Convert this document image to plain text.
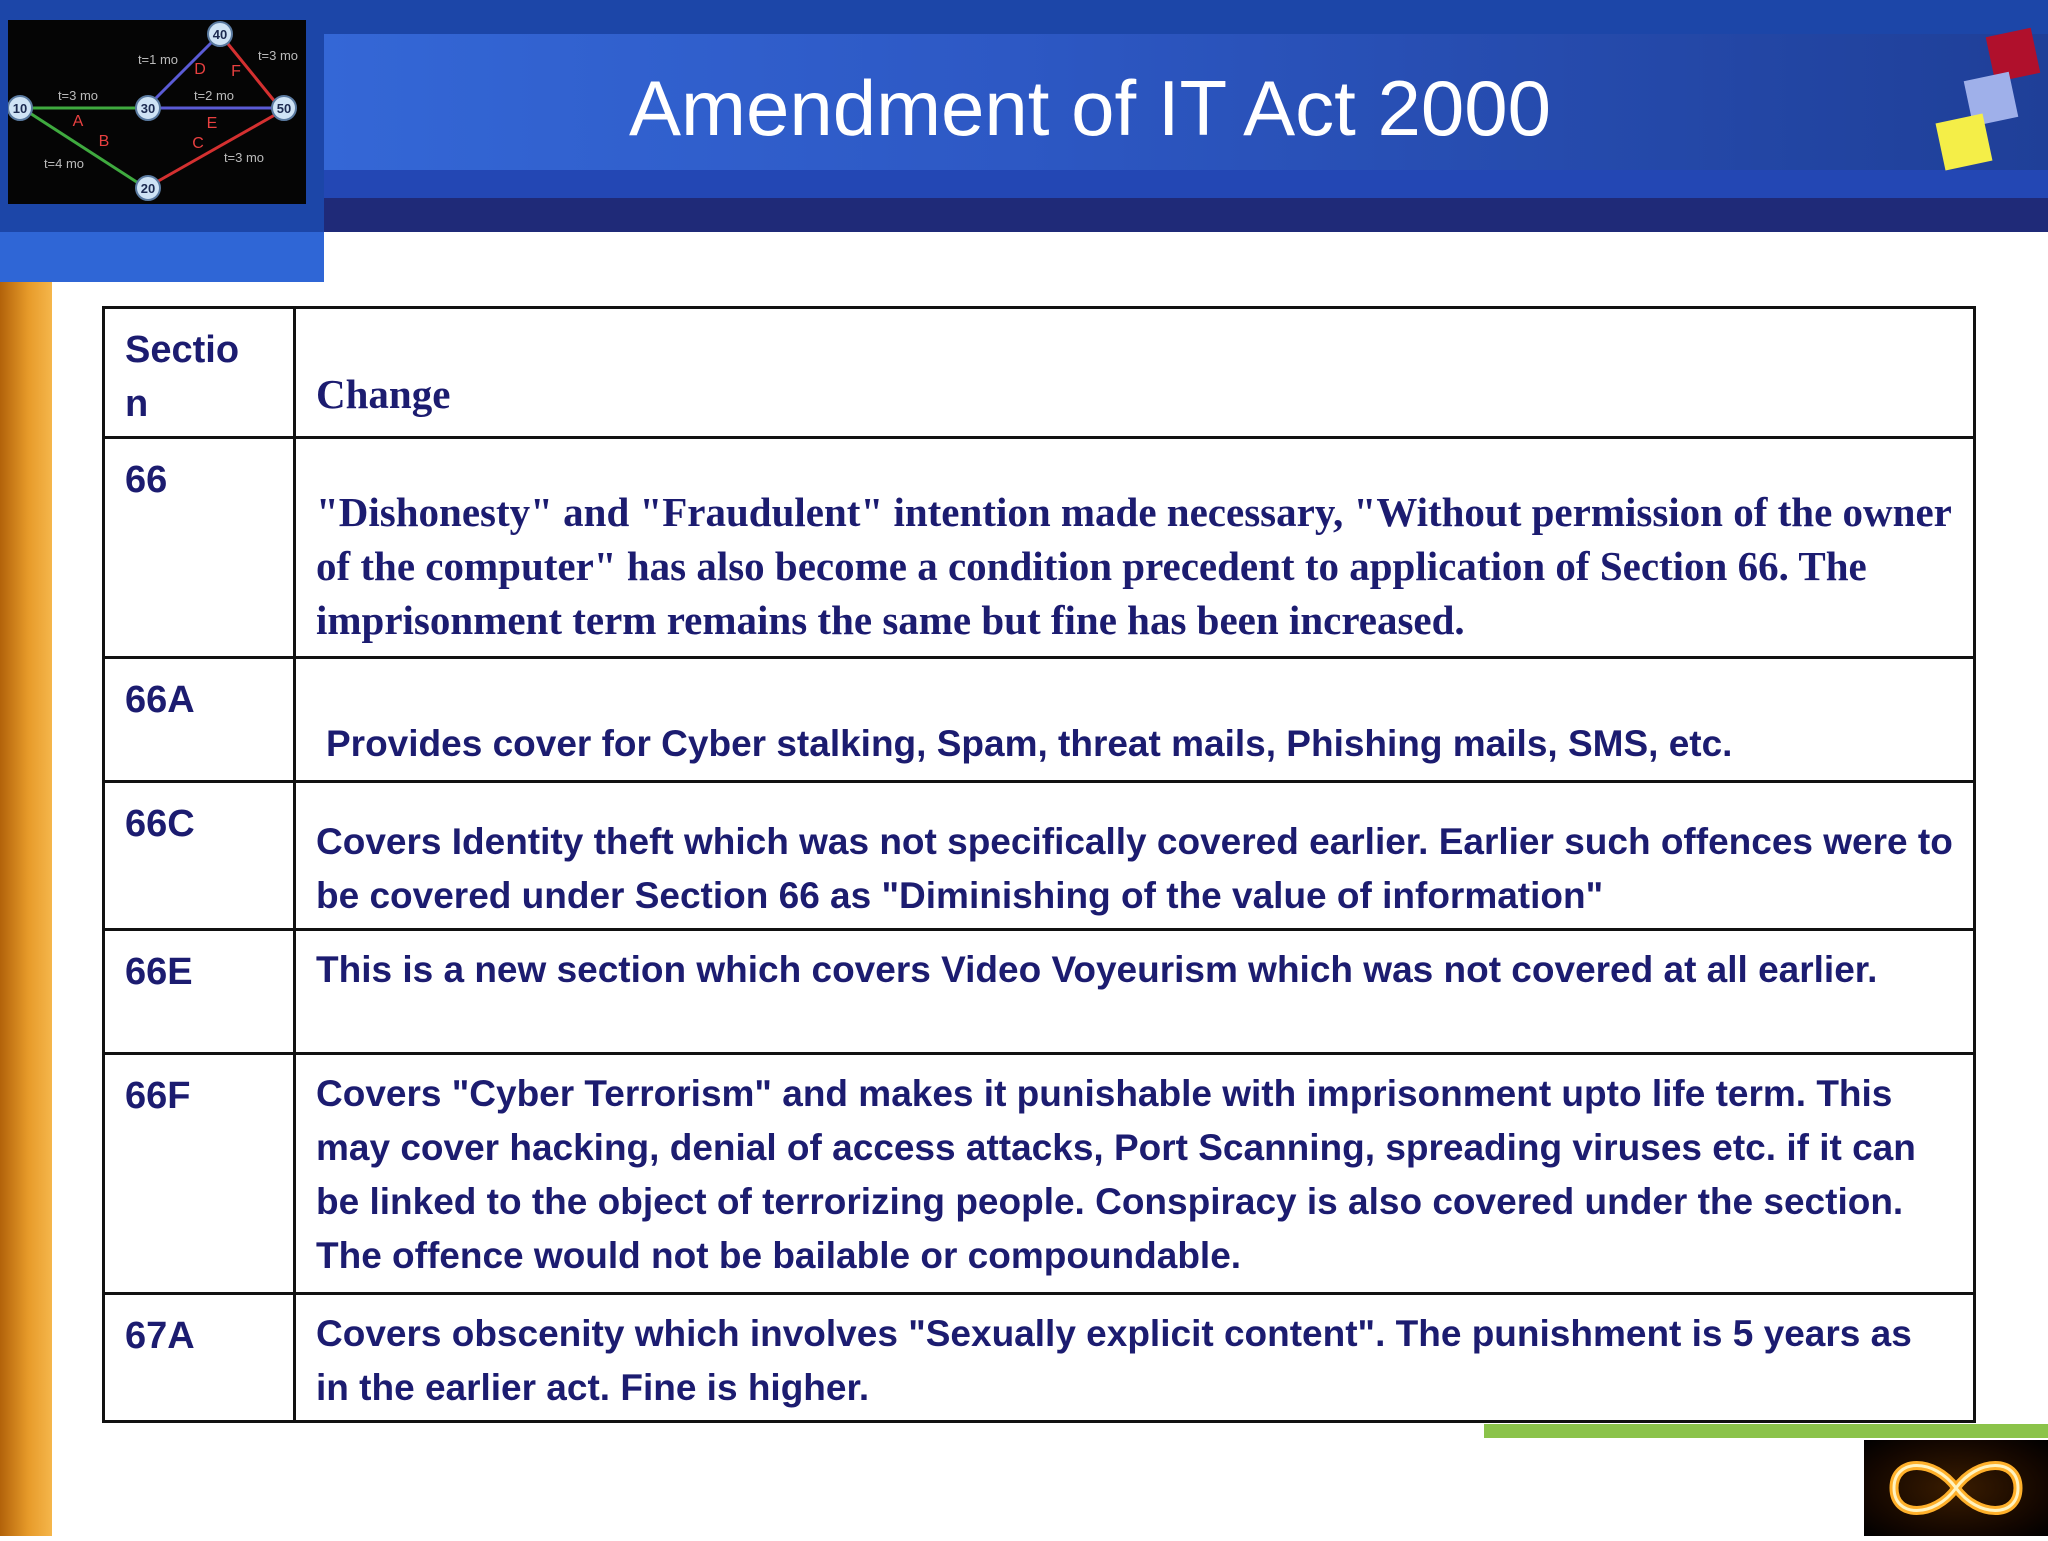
10	30
40
50
20
A
B	C
D
E
F
t=1 mo
t=3 mo
t=3 mo
t=2 mo
t=4 mo	t=3 mo
Amendment of IT Act 2000
Sectio n	Change

66	"Dishonesty" and "Fraudulent" intention made necessary, "Without permission of the owner of the computer" has also become a condition precedent to application of Section 66. The imprisonment term remains the same but fine has been increased.

66A	Provides cover for Cyber stalking, Spam, threat mails, Phishing mails, SMS, etc.

66C	Covers Identity theft which was not specifically covered earlier. Earlier such offences were to be covered under Section 66 as "Diminishing of the value of information"

66E	This is a new section which covers Video Voyeurism which was not covered at all earlier.

66F	Covers "Cyber Terrorism" and makes it punishable with imprisonment upto life term. This may cover hacking, denial of access attacks, Port Scanning, spreading viruses etc. if it can be linked to the object of terrorizing people. Conspiracy is also covered under the section. The offence would not be bailable or compoundable.

67A	Covers obscenity which involves "Sexually explicit content". The punishment is 5 years as in the earlier act. Fine is higher.
